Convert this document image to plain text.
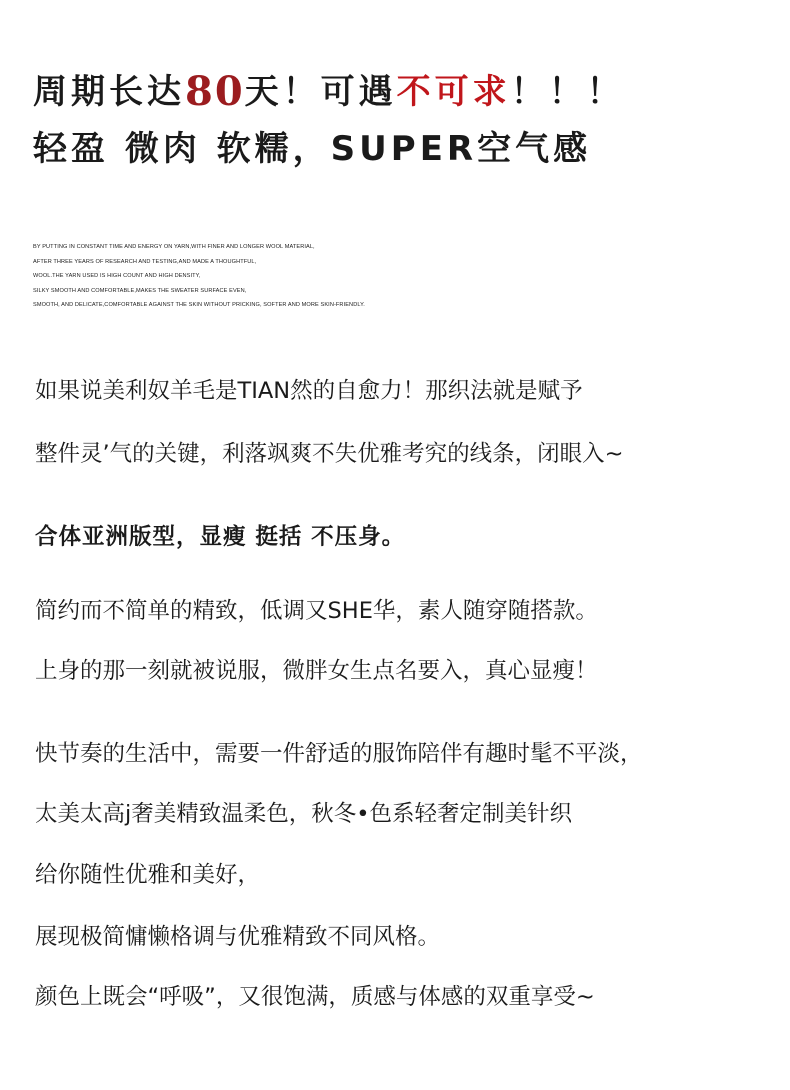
周期长达80天！可遇不可求！！！
轻盈 微肉 软糯，SUPER空气感
BY PUTTING IN CONSTANT TIME AND ENERGY ON YARN,WITH FINER AND LONGER WOOL MATERIAL,
AFTER THREE YEARS OF RESEARCH AND TESTING,AND MADE A THOUGHTFUL,
WOOL.THE YARN USED IS HIGH COUNT AND HIGH DENSITY,
SILKY SMOOTH AND COMFORTABLE,MAKES THE SWEATER SURFACE EVEN,
SMOOTH, AND DELICATE,COMFORTABLE AGAINST THE SKIN WITHOUT PRICKING, SOFTER AND MORE SKIN-FRIENDLY.
如果说美利奴羊毛是TIAN然的自愈力！那织法就是赋予
整件灵’气的关键，利落飒爽不失优雅考究的线条，闭眼入~
合体亚洲版型，显瘦 挺括 不压身。
简约而不简单的精致，低调又SHE华，素人随穿随搭款。
上身的那一刻就被说服，微胖女生点名要入，真心显瘦！
快节奏的生活中，需要一件舒适的服饰陪伴有趣时髦不平淡，
太美太高j奢美精致温柔色，秋冬•色系轻奢定制美针织
给你随性优雅和美好，
展现极简慵懒格调与优雅精致不同风格。
颜色上既会“呼吸”，又很饱满，质感与体感的双重享受~
